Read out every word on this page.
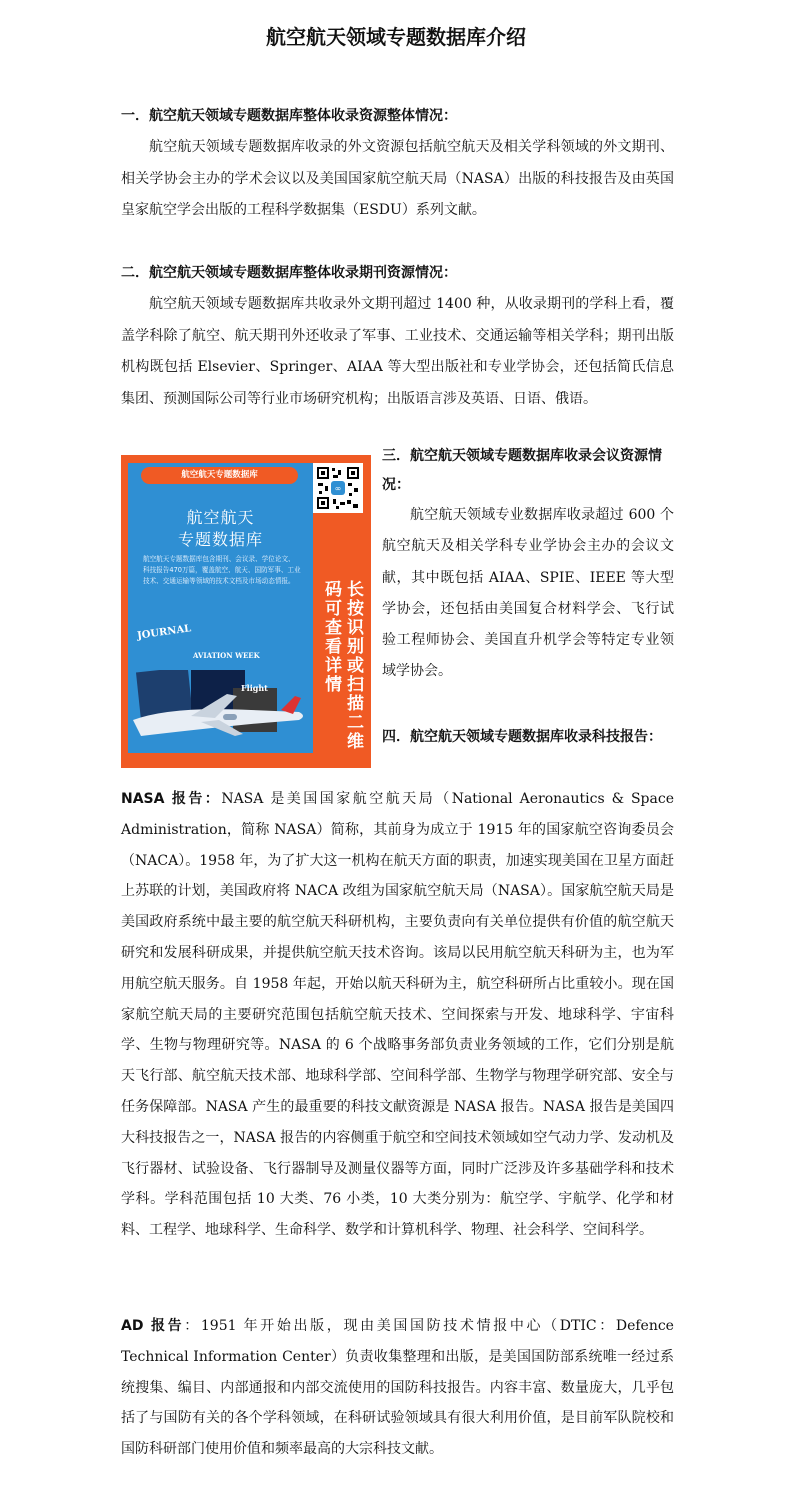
航空航天领域专题数据库介绍
一．航空航天领域专题数据库整体收录资源整体情况：
航空航天领域专题数据库收录的外文资源包括航空航天及相关学科领域的外文期刊、相关学协会主办的学术会议以及美国国家航空航天局（NASA）出版的科技报告及由英国皇家航空学会出版的工程科学数据集（ESDU）系列文献。
二．航空航天领域专题数据库整体收录期刊资源情况：
航空航天领域专题数据库共收录外文期刊超过 1400 种，从收录期刊的学科上看，覆盖学科除了航空、航天期刊外还收录了军事、工业技术、交通运输等相关学科；期刊出版机构既包括 Elsevier、Springer、AIAA 等大型出版社和专业学协会，还包括简氏信息集团、预测国际公司等行业市场研究机构；出版语言涉及英语、日语、俄语。
航空航天专题数据库
航空航天
专题数据库
航空航天专题数据库包含期刊、会议录、学位论文、科技报告470万篇，覆盖航空、航天、国防军事、工业技术、交通运输等领域的技术文档及市场动态情报。
∞
长按识别或扫描二维码可查看详情
JOURNAL
AVIATION WEEK
Flight
三．航空航天领域专题数据库收录会议资源情况：
航空航天领域专业数据库收录超过 600 个航空航天及相关学科专业学协会主办的会议文献，其中既包括 AIAA、SPIE、IEEE 等大型学协会，还包括由美国复合材料学会、飞行试验工程师协会、美国直升机学会等特定专业领域学协会。
四．航空航天领域专题数据库收录科技报告：
NASA 报告：NASA 是美国国家航空航天局（National Aeronautics & Space Administration，简称 NASA）简称，其前身为成立于 1915 年的国家航空咨询委员会（NACA）。1958 年，为了扩大这一机构在航天方面的职责，加速实现美国在卫星方面赶上苏联的计划，美国政府将 NACA 改组为国家航空航天局（NASA）。国家航空航天局是美国政府系统中最主要的航空航天科研机构，主要负责向有关单位提供有价值的航空航天研究和发展科研成果，并提供航空航天技术咨询。该局以民用航空航天科研为主，也为军用航空航天服务。自 1958 年起，开始以航天科研为主，航空科研所占比重较小。现在国家航空航天局的主要研究范围包括航空航天技术、空间探索与开发、地球科学、宇宙科学、生物与物理研究等。NASA 的 6 个战略事务部负责业务领域的工作，它们分别是航天飞行部、航空航天技术部、地球科学部、空间科学部、生物学与物理学研究部、安全与任务保障部。NASA 产生的最重要的科技文献资源是 NASA 报告。NASA 报告是美国四大科技报告之一，NASA 报告的内容侧重于航空和空间技术领域如空气动力学、发动机及飞行器材、试验设备、飞行器制导及测量仪器等方面，同时广泛涉及许多基础学科和技术学科。学科范围包括 10 大类、76 小类，10 大类分别为：航空学、宇航学、化学和材料、工程学、地球科学、生命科学、数学和计算机科学、物理、社会科学、空间科学。
AD 报告：1951 年开始出版，现由美国国防技术情报中心（DTIC：Defence Technical Information Center）负责收集整理和出版，是美国国防部系统唯一经过系统搜集、编目、内部通报和内部交流使用的国防科技报告。内容丰富、数量庞大，几乎包括了与国防有关的各个学科领域，在科研试验领域具有很大利用价值，是目前军队院校和国防科研部门使用价值和频率最高的大宗科技文献。
